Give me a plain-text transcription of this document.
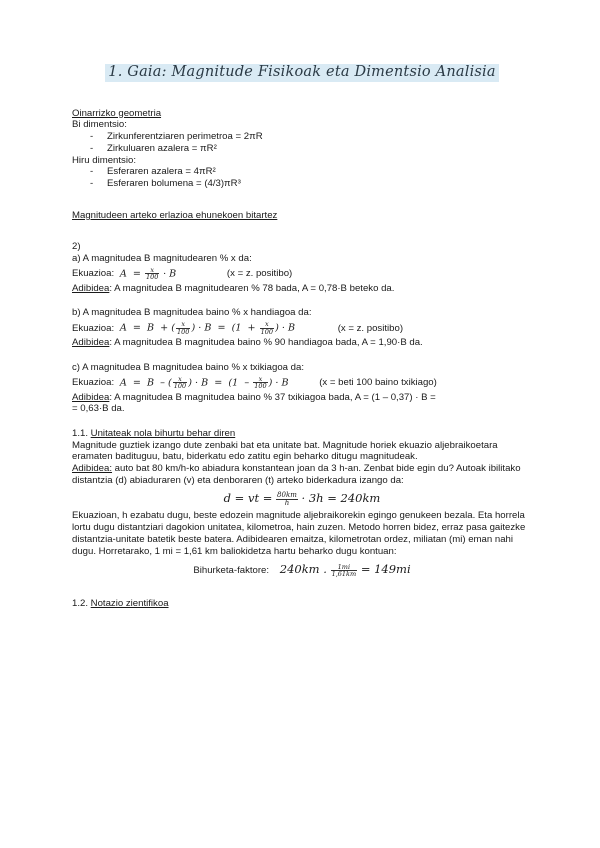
1. Gaia: Magnitude Fisikoak eta Dimentsio Analisia
Oinarrizko geometria
Bi dimentsio:
- Zirkunferentziaren perimetroa = 2πR
- Zirkuluaren azalera = πR²
Hiru dimentsio:
- Esferaren azalera = 4πR²
- Esferaren bolumena = (4/3)πR³
Magnitudeen arteko erlazioa ehunekoen bitartez
2)
a) A magnitudea B magnitudearen % x da:
Ekuazioa:  $A = \frac{x}{100} \cdot B$	(x = z. positibo)
Adibidea: A magnitudea B magnitudearen % 78 bada, A = 0,78·B beteko da.
b) A magnitudea B magnitudea baino % x handiagoa da:
Ekuazioa:  A  =  B  + ( $\frac{x}{100}$ ) · $B = (1 + \frac{x}{100}$ ) · B	(x = z. positibo)
Adibidea: A magnitudea B magnitudea baino % 90 handiagoa bada, A = 1,90·B da.
c) A magnitudea B magnitudea baino % x txikiagoa da:
Ekuazioa:  A  =  B  – ( $\frac{x}{100}$ ) · $B = (1 - \frac{x}{100}$ ) · B	(x = beti 100 baino txikiago)
Adibidea: A magnitudea B magnitudea baino % 37 txikiagoa bada, A = (1 – 0,37) · B =
= 0,63·B da.
1.1. Unitateak nola bihurtu behar diren
Magnitude guztiek izango dute zenbaki bat eta unitate bat. Magnitude horiek ekuazio aljebraikoetara eramaten badituguu, batu, biderkatu edo zatitu egin beharko ditugu magnitudeak.
Adibidea: auto bat 80 km/h-ko abiadura konstantean joan da 3 h-an. Zenbat bide egin du? Autoak ibilitako distantzia (d) abiaduraren (v) eta denboraren (t) arteko biderkadura izango da:
d = vt = $\frac{80km}{h} \cdot 3h = 240km$
Ekuazioan, h ezabatu dugu, beste edozein magnitude aljebraikorekin egingo genukeen bezala. Eta horrela lortu dugu distantziari dagokion unitatea, kilometroa, hain zuzen. Metodo horren bidez, erraz pasa gaitezke distantzia-unitate batetik beste batera. Adibidearen emaitza, kilometrotan ordez, miliatan (mi) eman nahi dugu. Horretarako, 1 mi = 1,61 km baliokidetza hartu beharko dugu kontuan:
Bihurketa-faktore: 240km . $\frac{1mi}{1,61km} = 149mi$
1.2. Notazio zientifikoa
